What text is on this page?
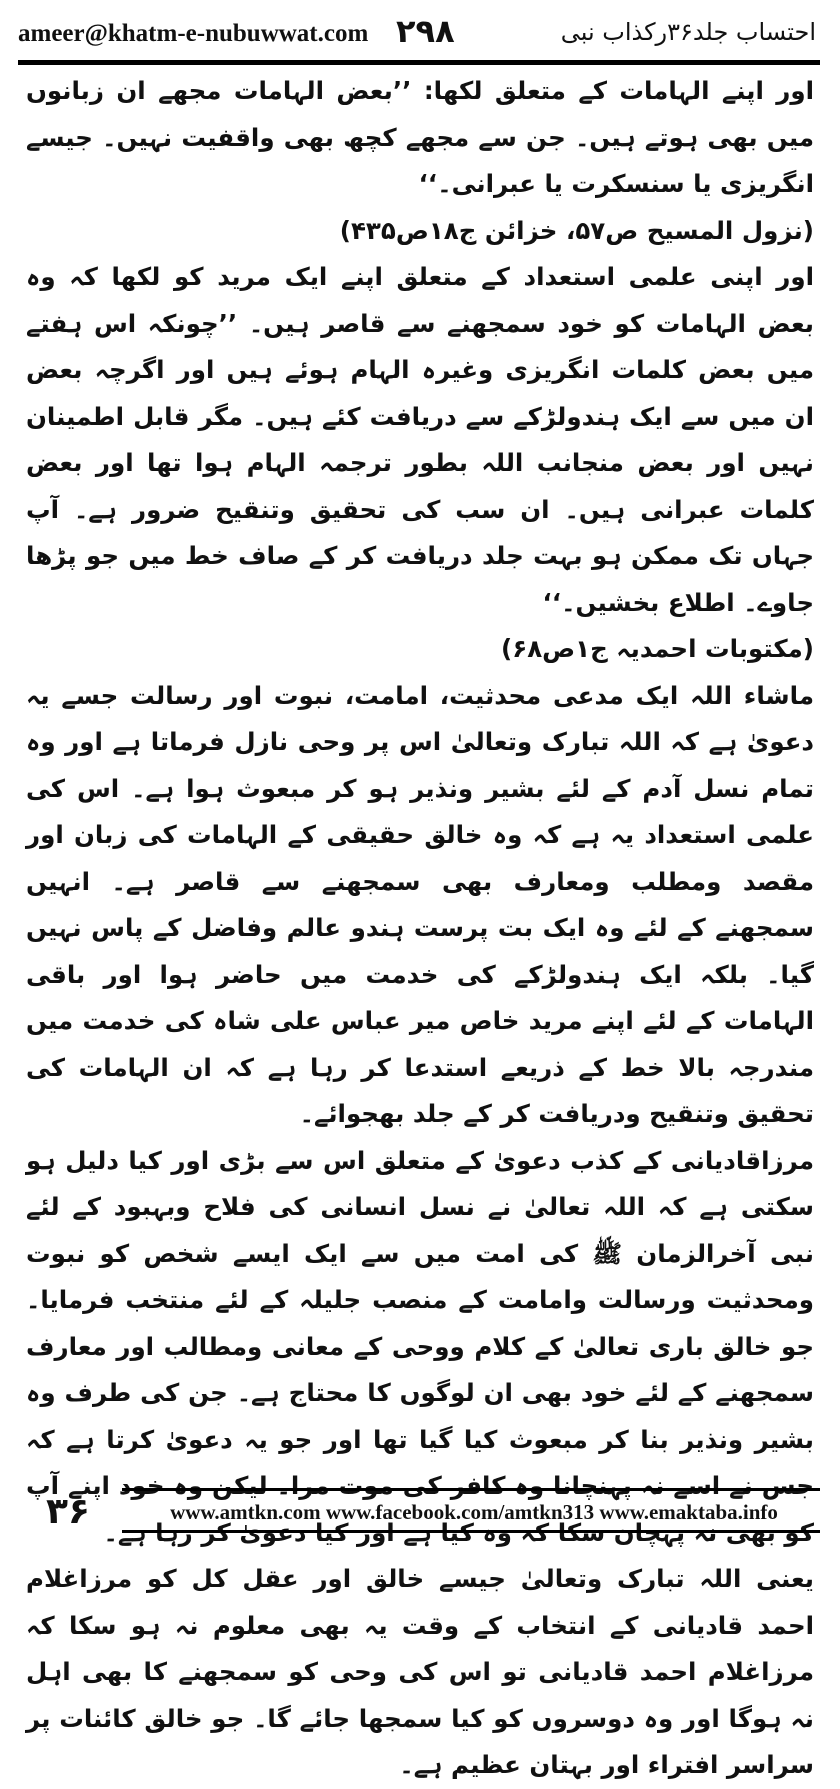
ameer@khatm-e-nubuwwat.com ۲۹۸	احتساب جلد۳۶رکذاب نبی

اور اپنے الہامات کے متعلق لکھا: ’’بعض الہامات مجھے ان زبانوں میں بھی ہوتے ہیں۔ جن سے مجھے کچھ بھی واقفیت نہیں۔ جیسے انگریزی یا سنسکرت یا عبرانی۔‘‘

(نزول المسیح ص۵۷، خزائن ج۱۸ص۴۳۵)

اور اپنی علمی استعداد کے متعلق اپنے ایک مرید کو لکھا کہ وہ بعض الہامات کو خود سمجھنے سے قاصر ہیں۔ ’’چونکہ اس ہفتے میں بعض کلمات انگریزی وغیرہ الہام ہوئے ہیں اور اگرچہ بعض ان میں سے ایک ہندولڑکے سے دریافت کئے ہیں۔ مگر قابل اطمینان نہیں اور بعض منجانب اللہ بطور ترجمہ الہام ہوا تھا اور بعض کلمات عبرانی ہیں۔ ان سب کی تحقیق وتنقیح ضرور ہے۔ آپ جہاں تک ممکن ہو بہت جلد دریافت کر کے صاف خط میں جو پڑھا جاوے۔ اطلاع بخشیں۔‘‘

(مکتوبات احمدیہ ج۱ص۶۸)

ماشاء اللہ ایک مدعی محدثیت، امامت، نبوت اور رسالت جسے یہ دعویٰ ہے کہ اللہ تبارک وتعالیٰ اس پر وحی نازل فرماتا ہے اور وہ تمام نسل آدم کے لئے بشیر ونذیر ہو کر مبعوث ہوا ہے۔ اس کی علمی استعداد یہ ہے کہ وہ خالق حقیقی کے الہامات کی زبان اور مقصد ومطلب ومعارف بھی سمجھنے سے قاصر ہے۔ انہیں سمجھنے کے لئے وہ ایک بت پرست ہندو عالم وفاضل کے پاس نہیں گیا۔ بلکہ ایک ہندولڑکے کی خدمت میں حاضر ہوا اور باقی الہامات کے لئے اپنے مرید خاص میر عباس علی شاہ کی خدمت میں مندرجہ بالا خط کے ذریعے استدعا کر رہا ہے کہ ان الہامات کی تحقیق وتنقیح ودریافت کر کے جلد بھجوائے۔

مرزاقادیانی کے کذب دعویٰ کے متعلق اس سے بڑی اور کیا دلیل ہو سکتی ہے کہ اللہ تعالیٰ نے نسل انسانی کی فلاح وبہبود کے لئے نبی آخرالزمان ﷺ کی امت میں سے ایک ایسے شخص کو نبوت ومحدثیت ورسالت وامامت کے منصب جلیلہ کے لئے منتخب فرمایا۔ جو خالق باری تعالیٰ کے کلام ووحی کے معانی ومطالب اور معارف سمجھنے کے لئے خود بھی ان لوگوں کا محتاج ہے۔ جن کی طرف وہ بشیر ونذیر بنا کر مبعوث کیا گیا تھا اور جو یہ دعویٰ کرتا ہے کہ جس نے اسے نہ پہنچانا وہ کافر کی موت مرا۔ لیکن وہ خود اپنے آپ کو بھی نہ پہچان سکا کہ وہ کیا ہے اور کیا دعویٰ کر رہا ہے۔

یعنی اللہ تبارک وتعالیٰ جیسے خالق اور عقل کل کو مرزاغلام احمد قادیانی کے انتخاب کے وقت یہ بھی معلوم نہ ہو سکا کہ مرزاغلام احمد قادیانی تو اس کی وحی کو سمجھنے کا بھی اہل نہ ہوگا اور وہ دوسروں کو کیا سمجھا جائے گا۔ جو خالق کائنات پر سراسر افتراء اور بہتان عظیم ہے۔

۳۶	www.amtkn.com www.facebook.com/amtkn313 www.emaktaba.info
